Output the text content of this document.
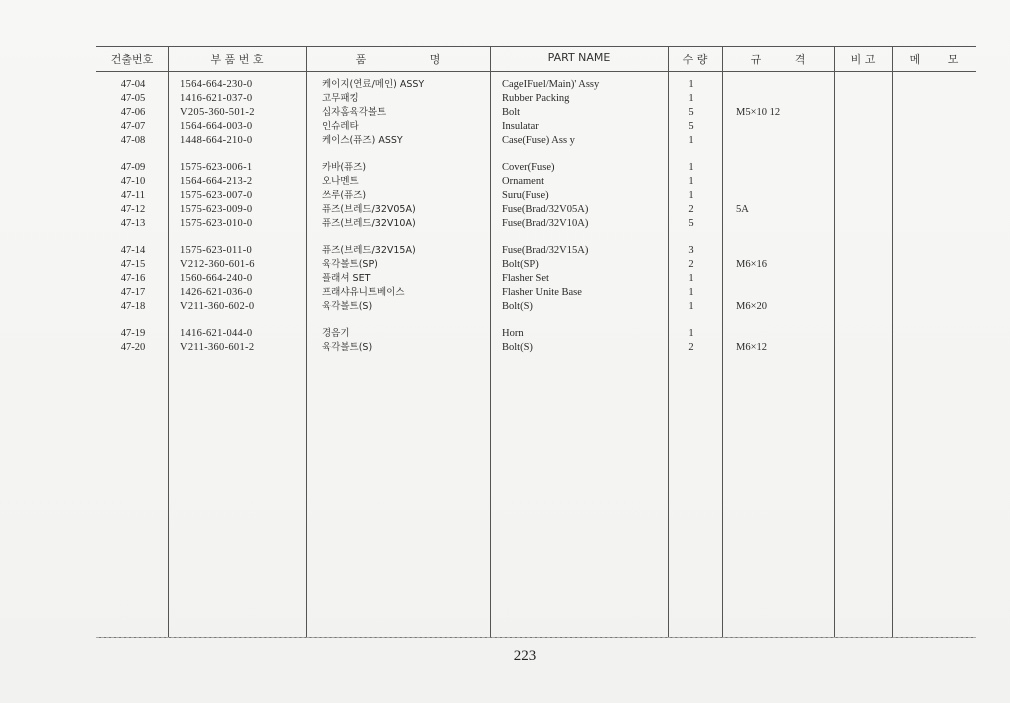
건출번호	부 품 번 호	품 명	PART NAME	수 량	규 격	비 고	메 모
47-04	1564-664-230-0	케이지(연료/메인) ASSY	CageIFuel/Main)' Assy	1
47-05	1416-621-037-0	고무패킹	Rubber Packing	1
47-06	V205-360-501-2	십자홈육각볼트	Bolt	5	M5×10 12
47-07	1564-664-003-0	인슈레타	Insulatar	5
47-08	1448-664-210-0	케이스(퓨즈) ASSY	Case(Fuse) Ass y	1
47-09	1575-623-006-1	카바(퓨즈)	Cover(Fuse)	1
47-10	1564-664-213-2	오나멘트	Ornament	1
47-11	1575-623-007-0	쓰루(퓨즈)	Suru(Fuse)	1
47-12	1575-623-009-0	퓨즈(브레드/32V05A)	Fuse(Brad/32V05A)	2	5A
47-13	1575-623-010-0	퓨즈(브레드/32V10A)	Fuse(Brad/32V10A)	5
47-14	1575-623-011-0	퓨즈(브레드/32V15A)	Fuse(Brad/32V15A)	3
47-15	V212-360-601-6	육각볼트(SP)	Bolt(SP)	2	M6×16
47-16	1560-664-240-0	플래셔 SET	Flasher Set	1
47-17	1426-621-036-0	프래샤유니트베이스	Flasher Unite Base	1
47-18	V211-360-602-0	육각볼트(S)	Bolt(S)	1	M6×20
47-19	1416-621-044-0	경음기	Horn	1
47-20	V211-360-601-2	육각볼트(S)	Bolt(S)	2	M6×12
223
